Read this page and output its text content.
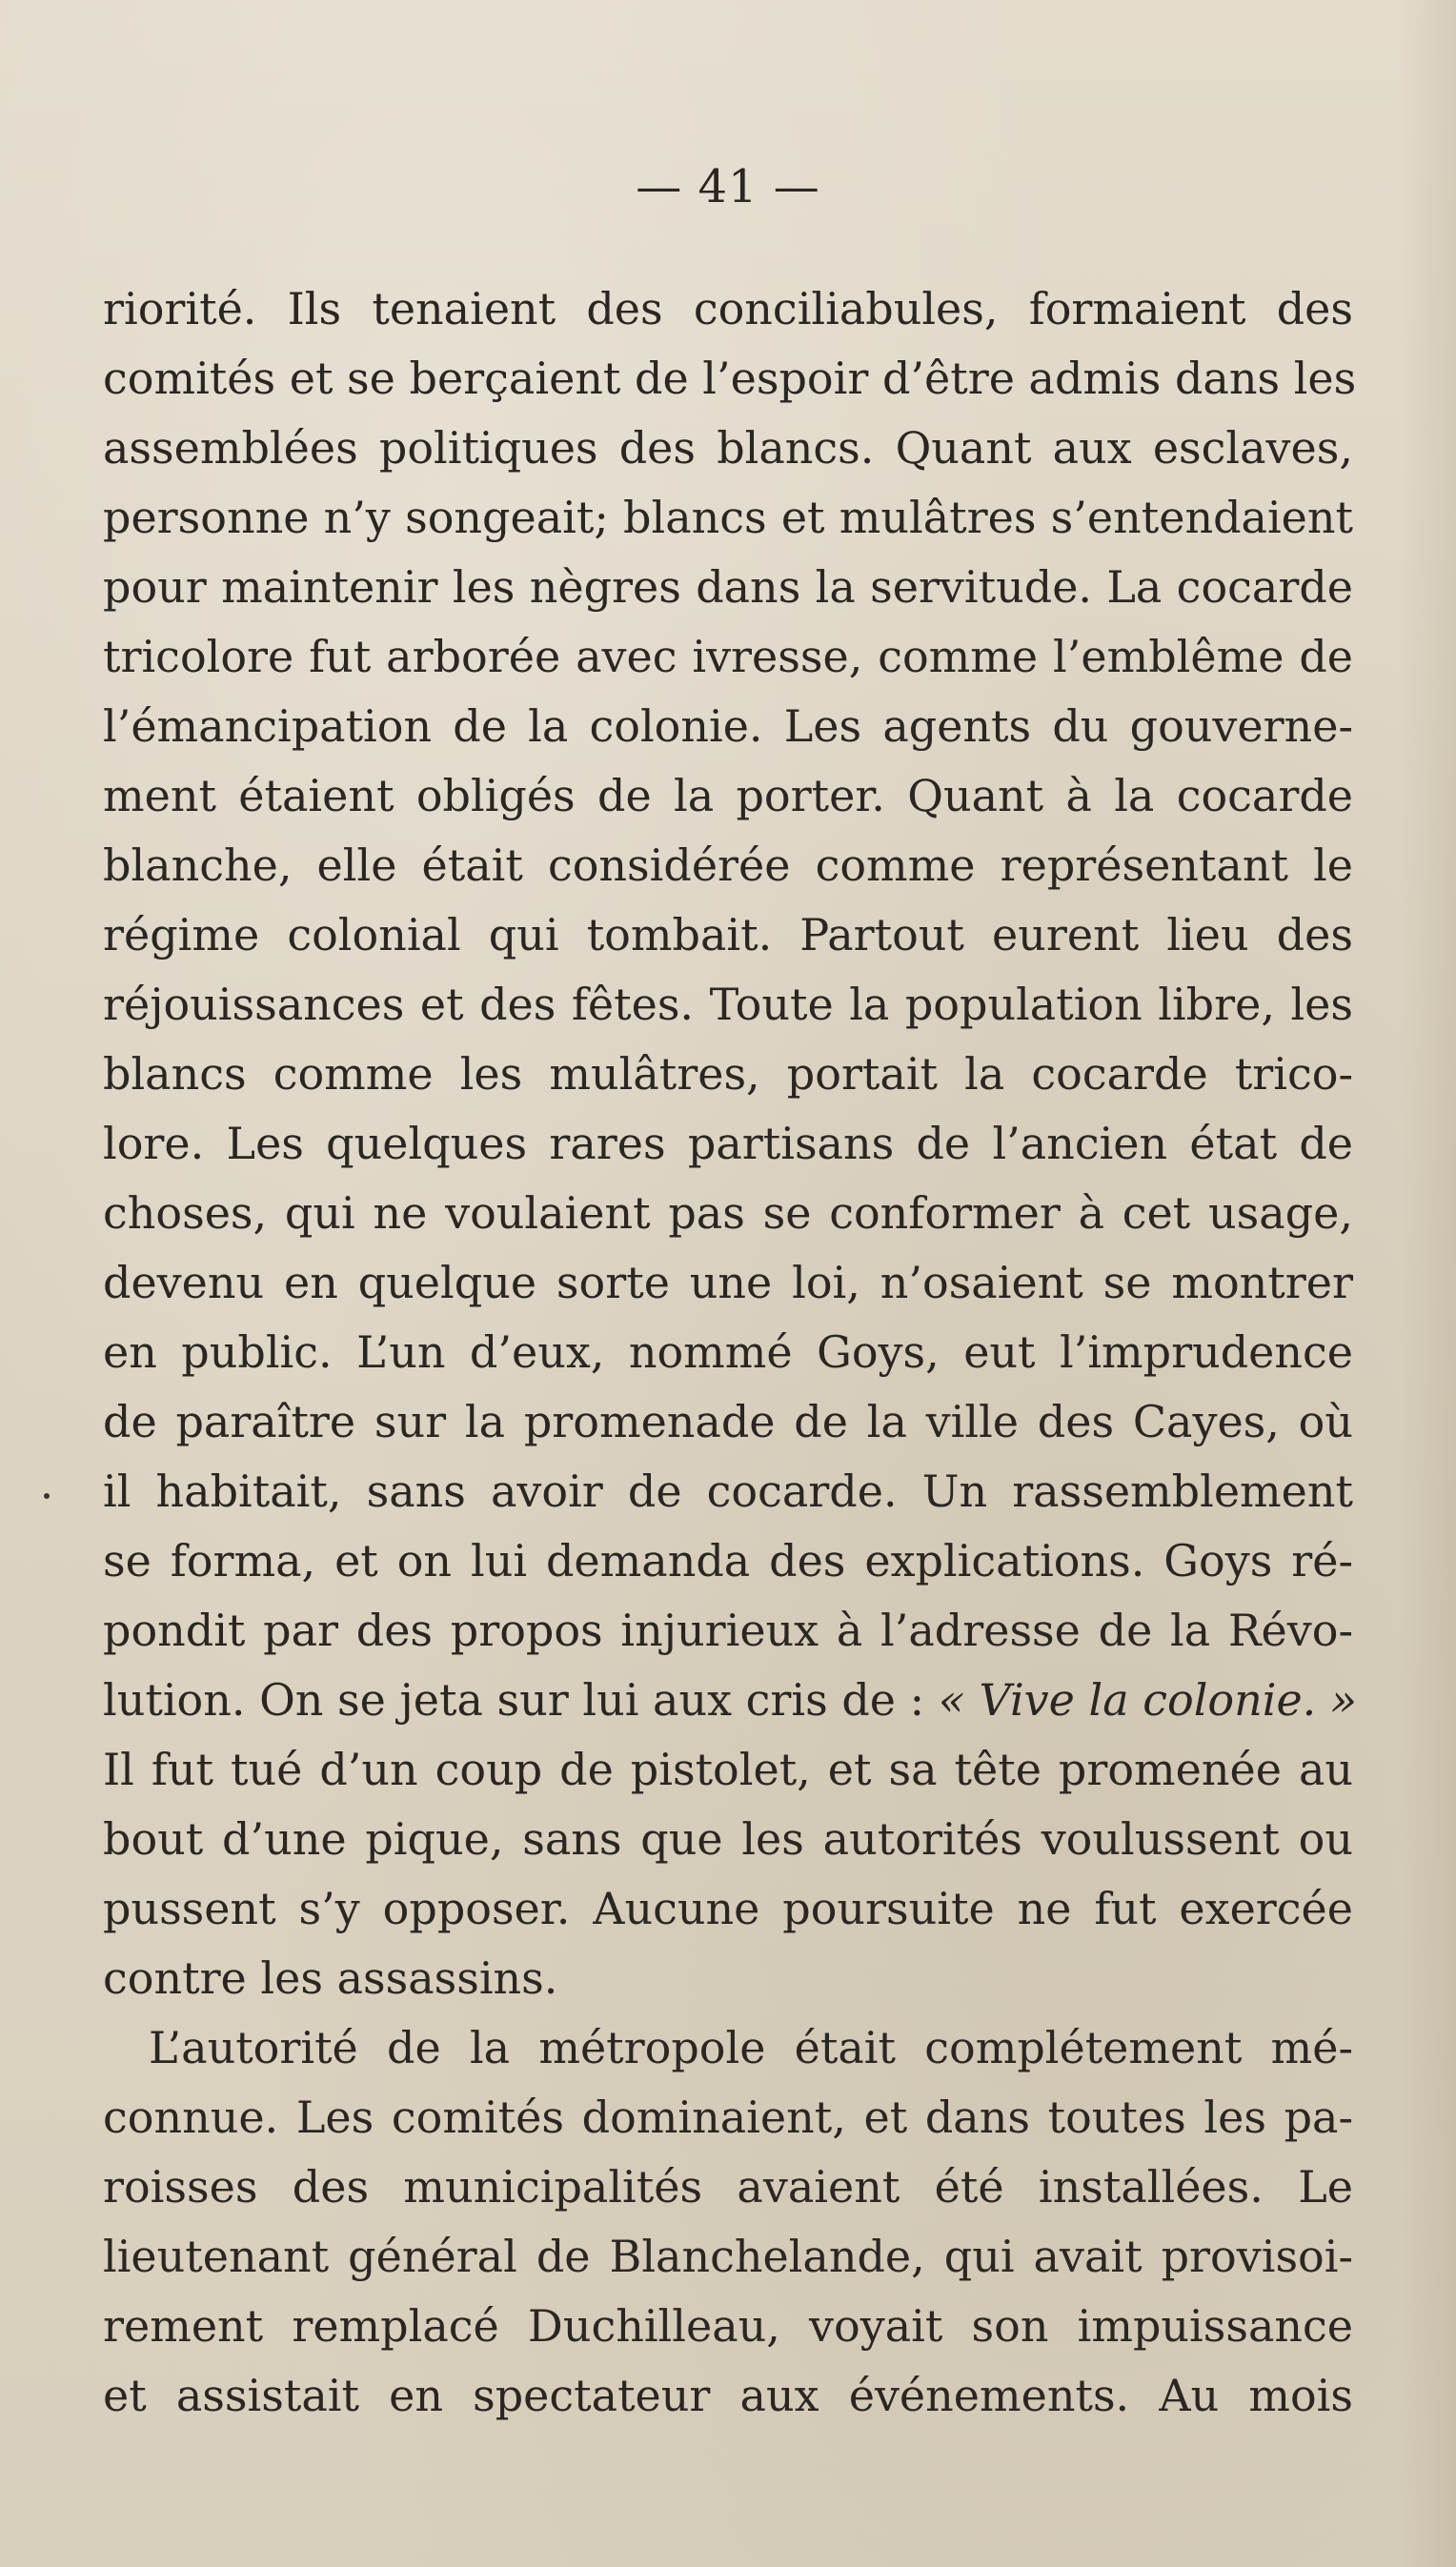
— 41 —
riorité. Ils tenaient des conciliabules, formaient des
comités et se berçaient de l’espoir d’être admis dans les
assemblées politiques des blancs. Quant aux esclaves,
personne n’y songeait; blancs et mulâtres s’entendaient
pour maintenir les nègres dans la servitude. La cocarde
tricolore fut arborée avec ivresse, comme l’emblême de
l’émancipation de la colonie. Les agents du gouverne-
ment étaient obligés de la porter. Quant à la cocarde
blanche, elle était considérée comme représentant le
régime colonial qui tombait. Partout eurent lieu des
réjouissances et des fêtes. Toute la population libre, les
blancs comme les mulâtres, portait la cocarde trico-
lore. Les quelques rares partisans de l’ancien état de
choses, qui ne voulaient pas se conformer à cet usage,
devenu en quelque sorte une loi, n’osaient se montrer
en public. L’un d’eux, nommé Goys, eut l’imprudence
de paraître sur la promenade de la ville des Cayes, où
il habitait, sans avoir de cocarde. Un rassemblement
se forma, et on lui demanda des explications. Goys ré-
pondit par des propos injurieux à l’adresse de la Révo-
lution. On se jeta sur lui aux cris de : « Vive la colonie. »
Il fut tué d’un coup de pistolet, et sa tête promenée au
bout d’une pique, sans que les autorités voulussent ou
pussent s’y opposer. Aucune poursuite ne fut exercée
contre les assassins.
L’autorité de la métropole était complétement mé-
connue. Les comités dominaient, et dans toutes les pa-
roisses des municipalités avaient été installées. Le
lieutenant général de Blanchelande, qui avait provisoi-
rement remplacé Duchilleau, voyait son impuissance
et assistait en spectateur aux événements. Au mois
